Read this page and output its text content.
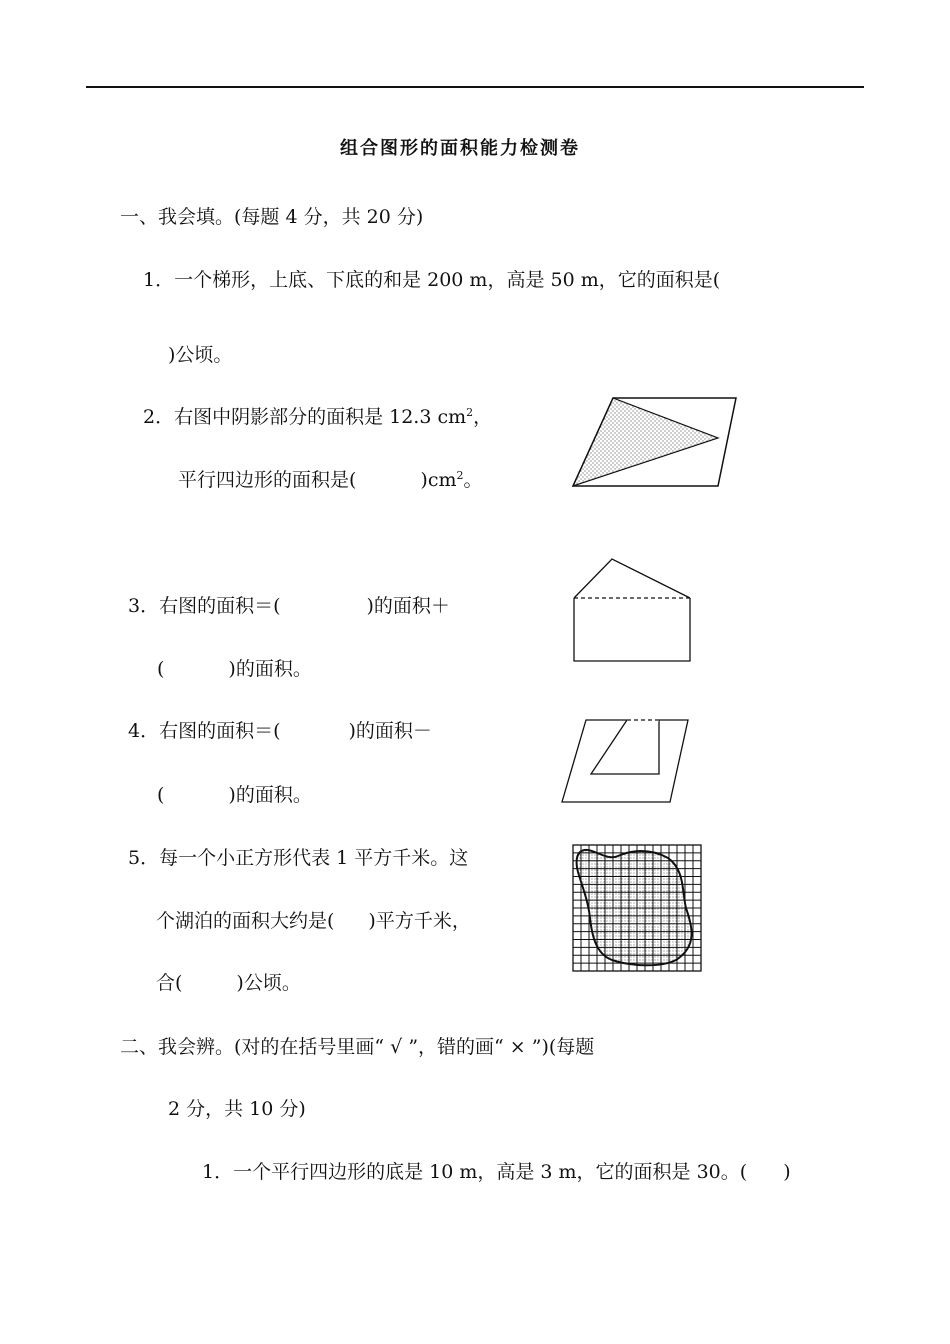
组合图形的面积能力检测卷
一、我会填。(每题 4 分，共 20 分)
1．一个梯形，上底、下底的和是 200 m，高是 50 m，它的面积是(
)公顷。
2．右图中阴影部分的面积是 12.3 $cm^2$，
平行四边形的面积是(	)$cm^2$。
3．右图的面积＝(	)的面积＋
(	)的面积。
4．右图的面积＝(	)的面积－
(	)的面积。
5．每一个小正方形代表 1 平方千米。这
个湖泊的面积大约是( )平方千米，
合(	)公顷。
二、我会辨。(对的在括号里画“ √ ”，错的画“ × ”)(每题
2 分，共 10 分)
1．一个平行四边形的底是 10 m，高是 3 m，它的面积是 30。( )
